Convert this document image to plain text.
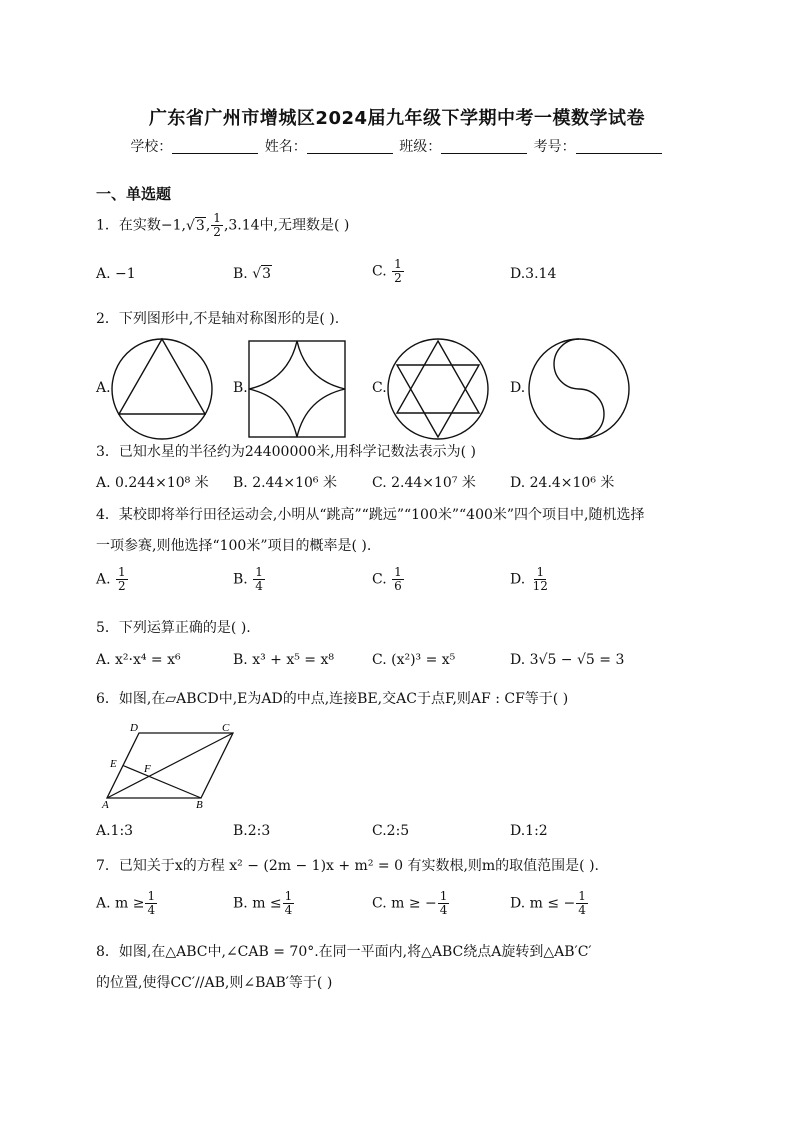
广东省广州市增城区2024届九年级下学期中考一模数学试卷
学校：	姓名：	班级：	考号：
一、单选题
1．在实数−1,√3, $\frac{1}{2} ,3.14$中,无理数是( )
A. −1	B. √3	C. $\frac{1}{2}$	D.3.14
2．下列图形中,不是轴对称图形的是( ).
A.	B.	C.	D.
3．已知水星的半径约为24400000米,用科学记数法表示为( )
A. 0.244×10⁸ 米 B. 2.44×10⁶ 米	C. 2.44×10⁷ 米 D. 24.4×10⁶ 米
4．某校即将举行田径运动会,小明从“跳高”“跳远”“100米”“400米”四个项目中,随机选择
一项参赛,则他选择“100米”项目的概率是( ).
A. $\frac{1}{2}$	B. $\frac{1}{4}$	C. $\frac{1}{6}$	D. $\frac{1}{12}$
5．下列运算正确的是( ).
A. x²·x⁴ = x⁶	B. x³ + x⁵ = x⁸	C. (x²)³ = x⁵	D. 3√5 − √5 = 3
6．如图,在▱ABCD中,E为AD的中点,连接BE,交AC于点F,则AF : CF等于( )
D	C
E F
A	B
A.1:3	B.2:3	C.2:5	D.1:2
7．已知关于x的方程 x² − (2m − 1)x + m² = 0 有实数根,则m的取值范围是( ).
A. $m \ge \frac{1}{4}$	B. $m \le \frac{1}{4}$	C. m ≥ − $\frac{1}{4}$	D. m ≤ − $\frac{1}{4}$
8．如图,在△ABC中,∠CAB = 70°.在同一平面内,将△ABC绕点A旋转到△AB′C′
的位置,使得CC′//AB,则∠BAB′等于( )
